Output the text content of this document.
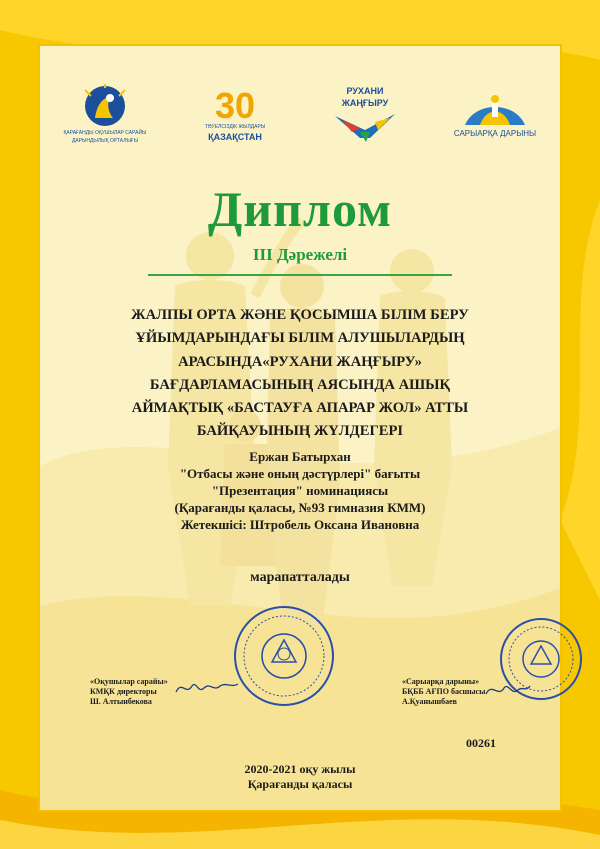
ҚАРАҒАНДЫ ОҚУШЫЛАР САРАЙЫ
ДАРЫНДЫЛЫҚ ОРТАЛЫҒЫ
30
ТӘУЕЛСІЗДІК ЖЫЛДАРЫ
ҚАЗАҚСТАН
РУХАНИ
ЖАҢҒЫРУ
САРЫАРҚА ДАРЫНЫ
Диплом
III Дәрежелі
ЖАЛПЫ ОРТА ЖӘНЕ ҚОСЫМША БІЛІМ БЕРУ
ҰЙЫМДАРЫНДАҒЫ БІЛІМ АЛУШЫЛАРДЫҢ
АРАСЫНДА«РУХАНИ ЖАҢҒЫРУ»
БАҒДАРЛАМАСЫНЫҢ АЯСЫНДА АШЫҚ
АЙМАҚТЫҚ «БАСТАУҒА АПАРАР ЖОЛ» АТТЫ
БАЙҚАУЫНЫҢ ЖҮЛДЕГЕРІ
Ержан Батырхан
"Отбасы және оның дәстүрлері" бағыты
"Презентация" номинациясы
(Қарағанды қаласы, №93 гимназия КММ)
Жетекшісі: Штробель Оксана Ивановна
марапатталады
«Оқушылар сарайы»
КМҚК директоры
Ш. Алтынбекова
«Сарыарқа дарыны»
БҚББ АҒПО басшысы
А.Қуанышбаев
00261
2020-2021 оқу жылы
Қарағанды қаласы
